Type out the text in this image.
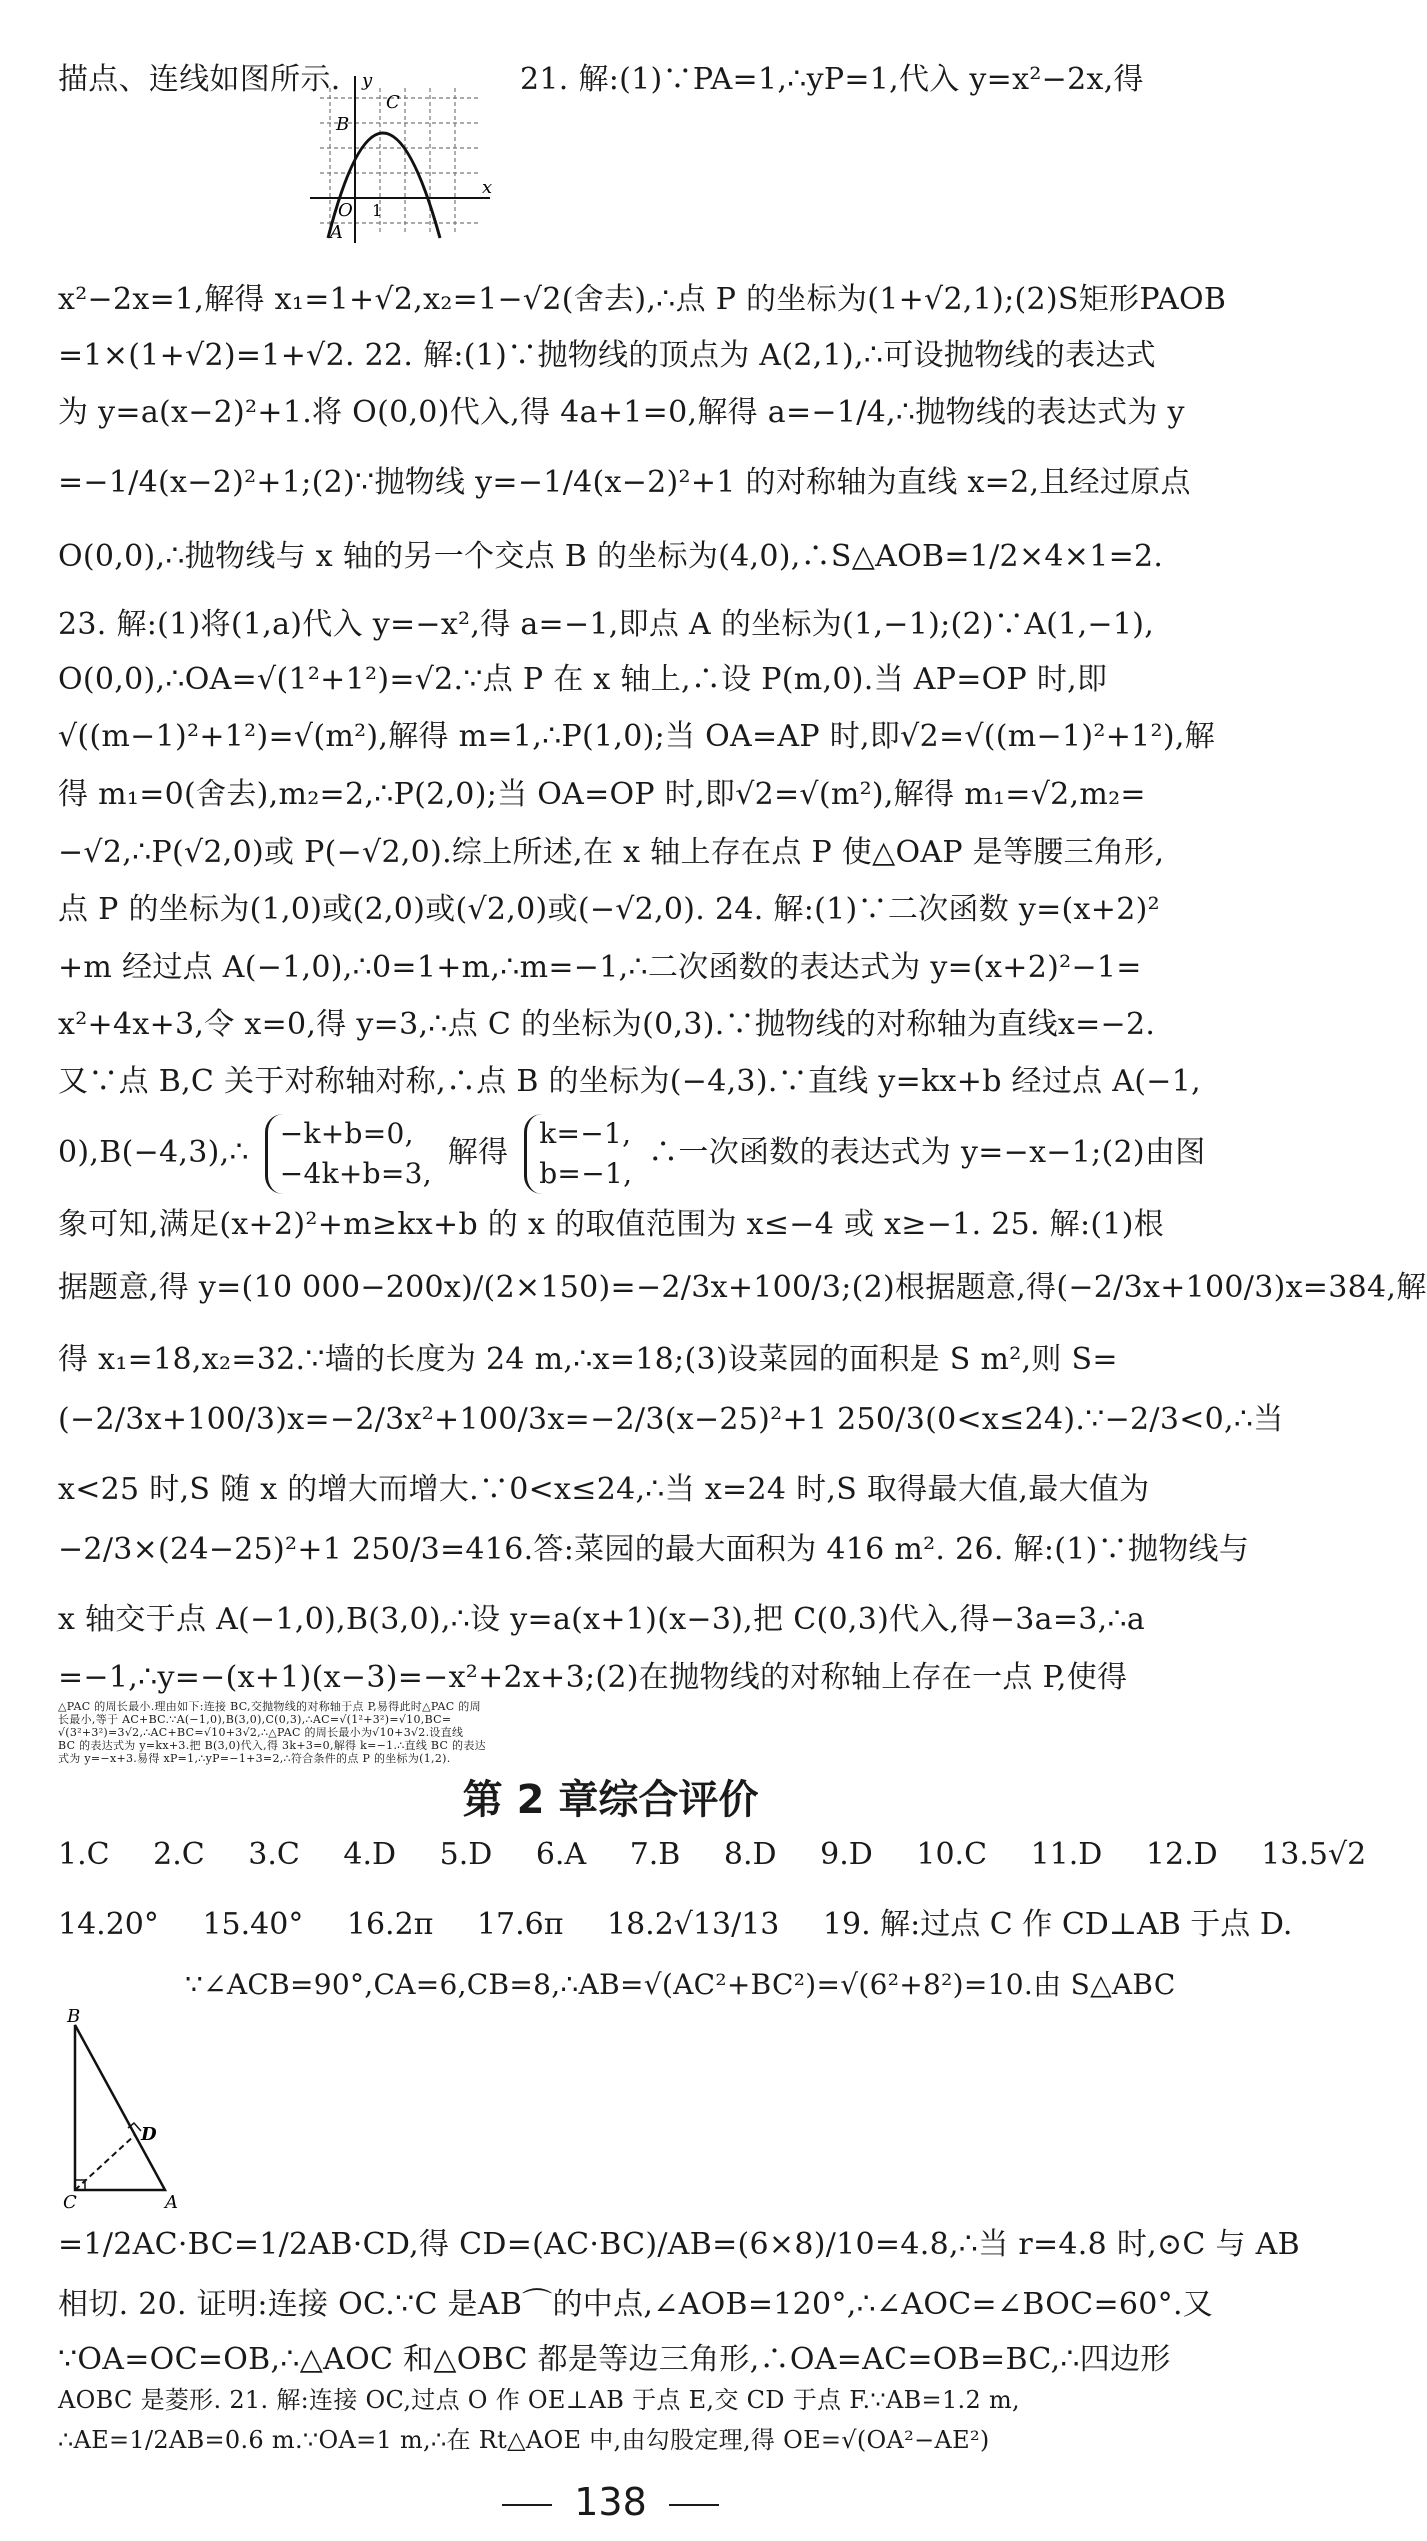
y
x
O 1
A
B
C
描点、连线如图所示.	21. 解:(1)∵PA=1,∴yP=1,代入 y=x²−2x,得
x²−2x=1,解得 x₁=1+√2,x₂=1−√2(舍去),∴点 P 的坐标为(1+√2,1);(2)S矩形PAOB
=1×(1+√2)=1+√2. 22. 解:(1)∵抛物线的顶点为 A(2,1),∴可设抛物线的表达式
为 y=a(x−2)²+1.将 O(0,0)代入,得 4a+1=0,解得 a=−1/4,∴抛物线的表达式为 y
=−1/4(x−2)²+1;(2)∵抛物线 y=−1/4(x−2)²+1 的对称轴为直线 x=2,且经过原点
O(0,0),∴抛物线与 x 轴的另一个交点 B 的坐标为(4,0),∴S△AOB=1/2×4×1=2.
23. 解:(1)将(1,a)代入 y=−x²,得 a=−1,即点 A 的坐标为(1,−1);(2)∵A(1,−1),
O(0,0),∴OA=√(1²+1²)=√2.∵点 P 在 x 轴上,∴设 P(m,0).当 AP=OP 时,即
√((m−1)²+1²)=√(m²),解得 m=1,∴P(1,0);当 OA=AP 时,即√2=√((m−1)²+1²),解
得 m₁=0(舍去),m₂=2,∴P(2,0);当 OA=OP 时,即√2=√(m²),解得 m₁=√2,m₂=
−√2,∴P(√2,0)或 P(−√2,0).综上所述,在 x 轴上存在点 P 使△OAP 是等腰三角形,
点 P 的坐标为(1,0)或(2,0)或(√2,0)或(−√2,0). 24. 解:(1)∵二次函数 y=(x+2)²
+m 经过点 A(−1,0),∴0=1+m,∴m=−1,∴二次函数的表达式为 y=(x+2)²−1=
x²+4x+3,令 x=0,得 y=3,∴点 C 的坐标为(0,3).∵抛物线的对称轴为直线x=−2.
又∵点 B,C 关于对称轴对称,∴点 B 的坐标为(−4,3).∵直线 y=kx+b 经过点 A(−1,
0),B(−4,3),∴
−k+b=0,
−4k+b=3,
解得
k=−1,
b=−1,
∴一次函数的表达式为 y=−x−1;(2)由图
象可知,满足(x+2)²+m≥kx+b 的 x 的取值范围为 x≤−4 或 x≥−1. 25. 解:(1)根
据题意,得 y=(10 000−200x)/(2×150)=−2/3x+100/3;(2)根据题意,得(−2/3x+100/3)x=384,解
得 x₁=18,x₂=32.∵墙的长度为 24 m,∴x=18;(3)设菜园的面积是 S m²,则 S=
(−2/3x+100/3)x=−2/3x²+100/3x=−2/3(x−25)²+1 250/3(0<x≤24).∵−2/3<0,∴当
x<25 时,S 随 x 的增大而增大.∵0<x≤24,∴当 x=24 时,S 取得最大值,最大值为
−2/3×(24−25)²+1 250/3=416.答:菜园的最大面积为 416 m². 26. 解:(1)∵抛物线与
x 轴交于点 A(−1,0),B(3,0),∴设 y=a(x+1)(x−3),把 C(0,3)代入,得−3a=3,∴a
=−1,∴y=−(x+1)(x−3)=−x²+2x+3;(2)在抛物线的对称轴上存在一点 P,使得
△PAC 的周长最小.理由如下:连接 BC,交抛物线的对称轴于点 P,易得此时△PAC 的周
长最小,等于 AC+BC.∵A(−1,0),B(3,0),C(0,3),∴AC=√(1²+3²)=√10,BC=
√(3²+3²)=3√2,∴AC+BC=√10+3√2,∴△PAC 的周长最小为√10+3√2.设直线
BC 的表达式为 y=kx+3.把 B(3,0)代入,得 3k+3=0,解得 k=−1.∴直线 BC 的表达
式为 y=−x+3.易得 xP=1,∴yP=−1+3=2,∴符合条件的点 P 的坐标为(1,2).
第 2 章综合评价
1.C 2.C 3.C 4.D 5.D 6.A 7.B 8.D 9.D 10.C 11.D 12.D 13.5√2
14.20° 15.40° 16.2π 17.6π 18.2√13/13 19. 解:过点 C 作 CD⊥AB 于点 D.
∵∠ACB=90°,CA=6,CB=8,∴AB=√(AC²+BC²)=√(6²+8²)=10.由 S△ABC
B
D
C	A
=1/2AC·BC=1/2AB·CD,得 CD=(AC·BC)/AB=(6×8)/10=4.8,∴当 r=4.8 时,⊙C 与 AB
相切. 20. 证明:连接 OC.∵C 是AB⌒的中点,∠AOB=120°,∴∠AOC=∠BOC=60°.又
∵OA=OC=OB,∴△AOC 和△OBC 都是等边三角形,∴OA=AC=OB=BC,∴四边形
AOBC 是菱形. 21. 解:连接 OC,过点 O 作 OE⊥AB 于点 E,交 CD 于点 F.∵AB=1.2 m,
∴AE=1/2AB=0.6 m.∵OA=1 m,∴在 Rt△AOE 中,由勾股定理,得 OE=√(OA²−AE²)
138
